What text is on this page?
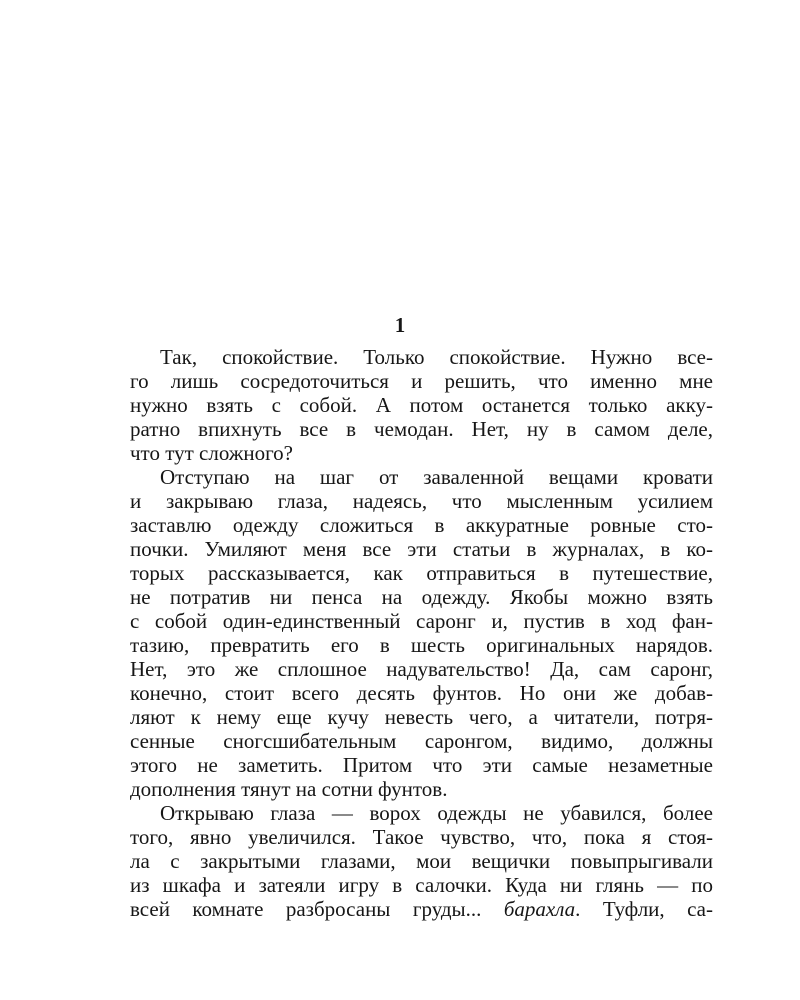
1
Так, спокойствие. Только спокойствие. Нужно все-
го лишь сосредоточиться и решить, что именно мне
нужно взять с собой. А потом останется только акку-
ратно впихнуть все в чемодан. Нет, ну в самом деле,
что тут сложного?
Отступаю на шаг от заваленной вещами кровати
и закрываю глаза, надеясь, что мысленным усилием
заставлю одежду сложиться в аккуратные ровные сто-
почки. Умиляют меня все эти статьи в журналах, в ко-
торых рассказывается, как отправиться в путешествие,
не потратив ни пенса на одежду. Якобы можно взять
с собой один-единственный саронг и, пустив в ход фан-
тазию, превратить его в шесть оригинальных нарядов.
Нет, это же сплошное надувательство! Да, сам саронг,
конечно, стоит всего десять фунтов. Но они же добав-
ляют к нему еще кучу невесть чего, а читатели, потря-
сенные сногсшибательным саронгом, видимо, должны
этого не заметить. Притом что эти самые незаметные
дополнения тянут на сотни фунтов.
Открываю глаза — ворох одежды не убавился, более
того, явно увеличился. Такое чувство, что, пока я стоя-
ла с закрытыми глазами, мои вещички повыпрыгивали
из шкафа и затеяли игру в салочки. Куда ни глянь — по
всей комнате разбросаны груды... барахла. Туфли, са-
